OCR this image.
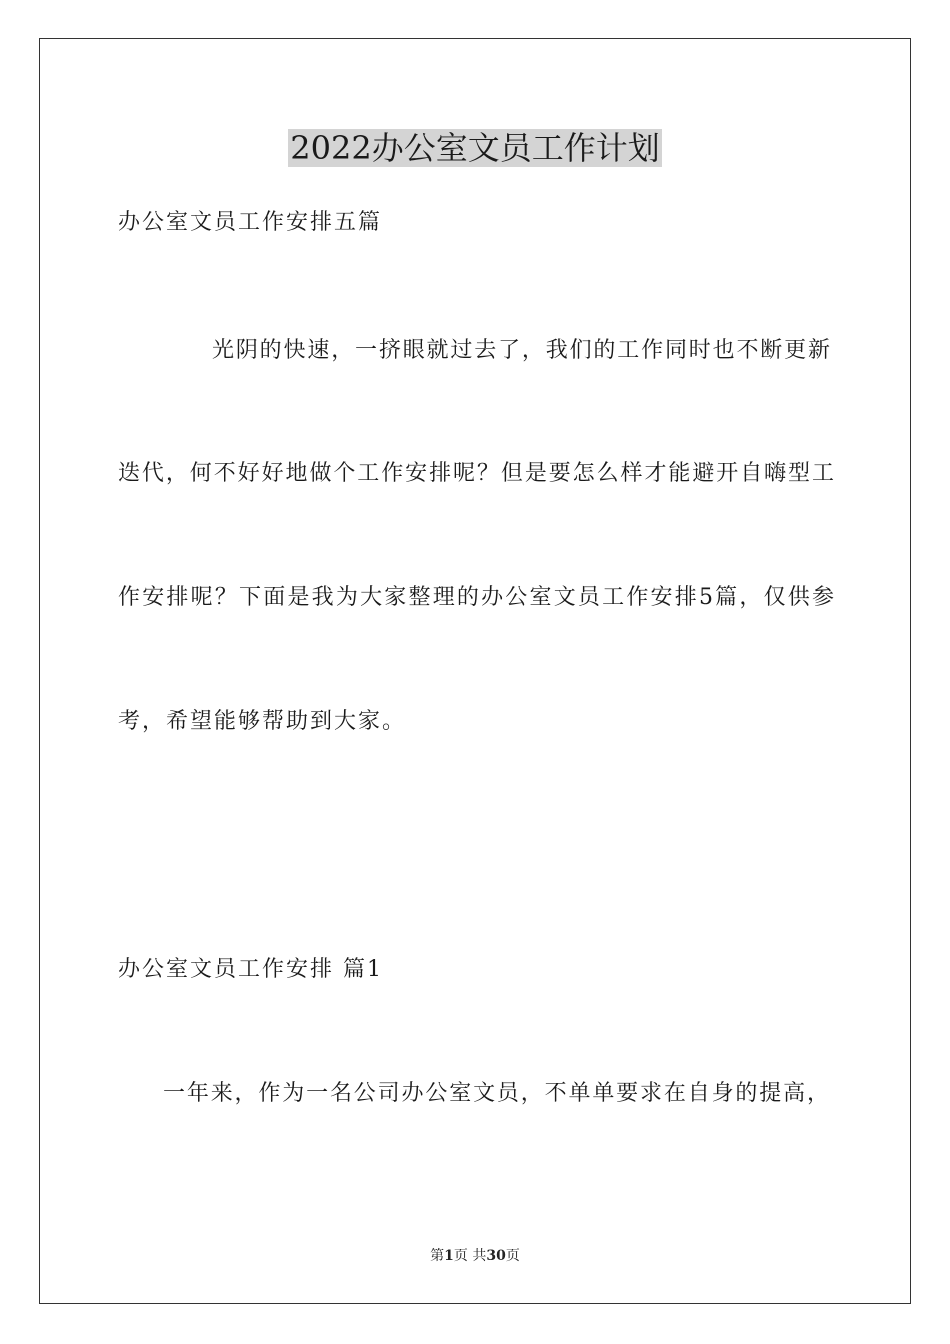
2022办公室文员工作计划

办公室文员工作安排五篇

光阴的快速，一挤眼就过去了，我们的工作同时也不断更新

迭代，何不好好地做个工作安排呢？但是要怎么样才能避开自嗨型工

作安排呢？下面是我为大家整理的办公室文员工作安排5篇，仅供参

考，希望能够帮助到大家。

办公室文员工作安排 篇1

一年来，作为一名公司办公室文员，不单单要求在自身的提高，

第1页 共30页
